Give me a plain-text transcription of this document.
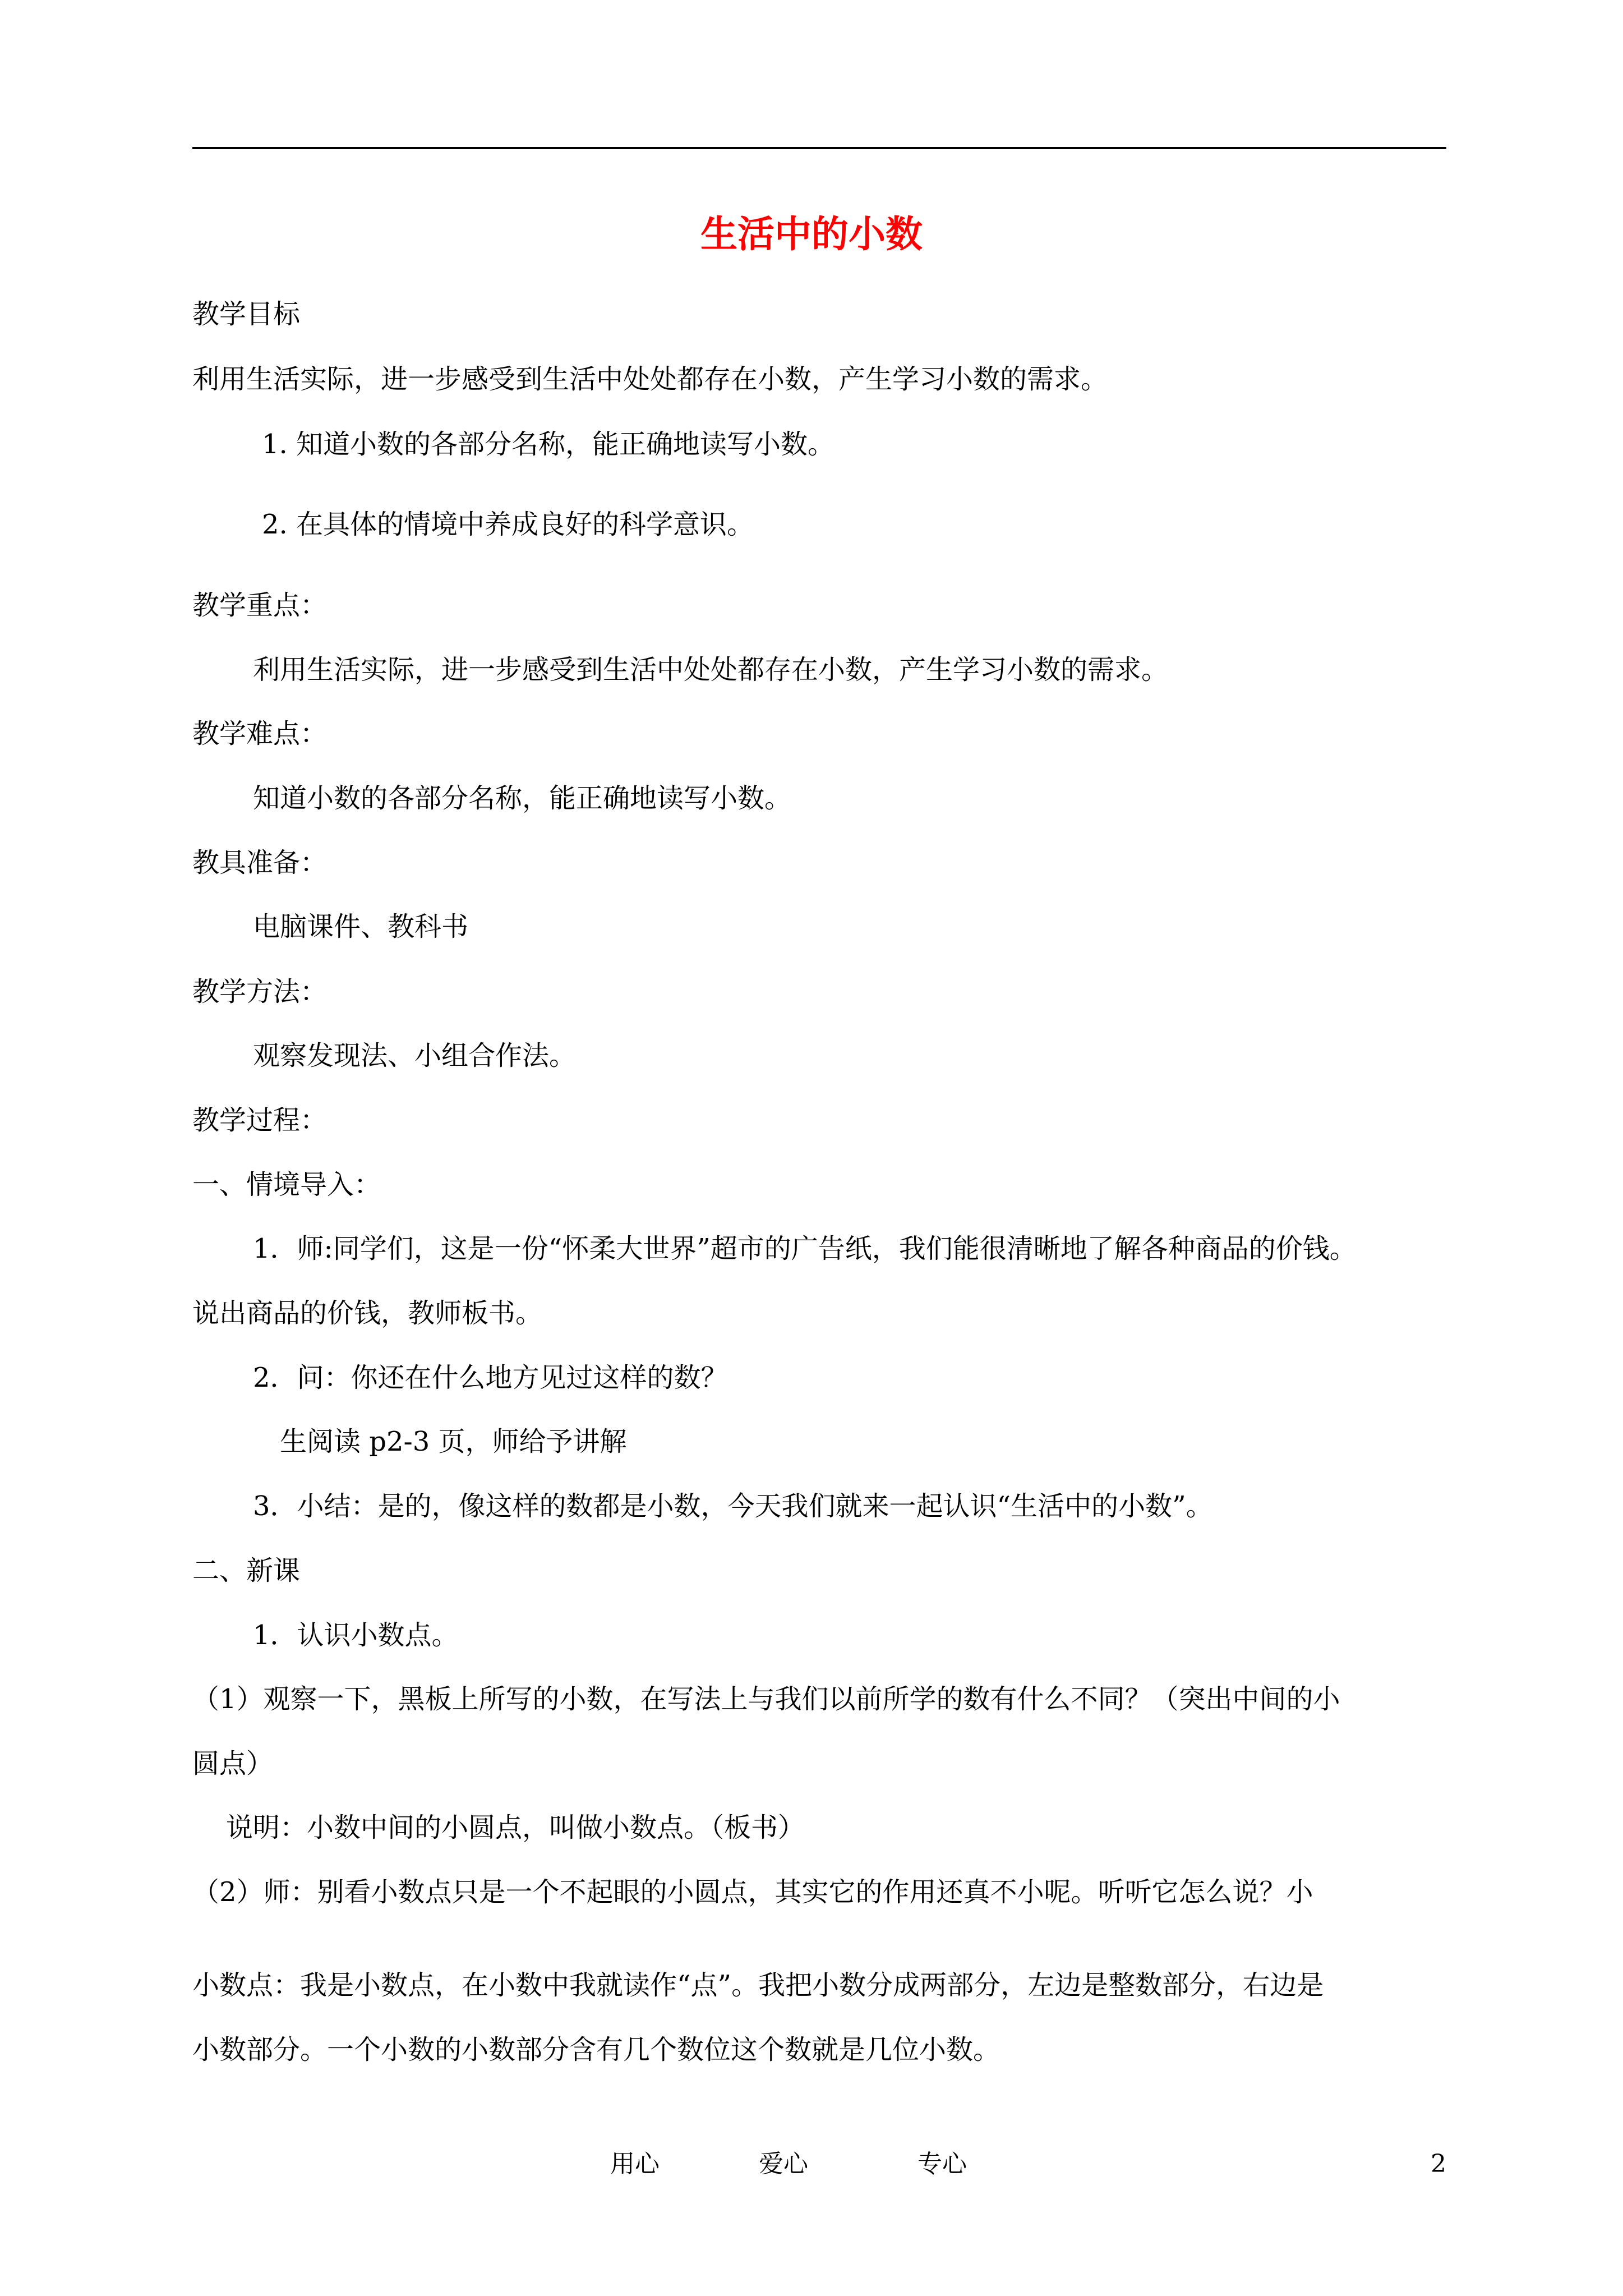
生活中的小数
教学目标
利用生活实际，进一步感受到生活中处处都存在小数，产生学习小数的需求。
1. 知道小数的各部分名称，能正确地读写小数。
2. 在具体的情境中养成良好的科学意识。
教学重点：
利用生活实际，进一步感受到生活中处处都存在小数，产生学习小数的需求。
教学难点：
知道小数的各部分名称，能正确地读写小数。
教具准备：
电脑课件、教科书
教学方法：
观察发现法、小组合作法。
教学过程：
一、情境导入：
1．师:同学们，这是一份“怀柔大世界”超市的广告纸，我们能很清晰地了解各种商品的价钱。
说出商品的价钱，教师板书。
2．问：你还在什么地方见过这样的数？
生阅读 p2-3 页，师给予讲解
3．小结：是的，像这样的数都是小数，今天我们就来一起认识“生活中的小数”。
二、新课
1．认识小数点。
（1）观察一下，黑板上所写的小数，在写法上与我们以前所学的数有什么不同？（突出中间的小
圆点）
说明：小数中间的小圆点，叫做小数点。（板书）
（2）师：别看小数点只是一个不起眼的小圆点，其实它的作用还真不小呢。听听它怎么说？小
小数点：我是小数点，在小数中我就读作“点”。我把小数分成两部分，左边是整数部分，右边是
小数部分。一个小数的小数部分含有几个数位这个数就是几位小数。
用心	爱心	专心	2
